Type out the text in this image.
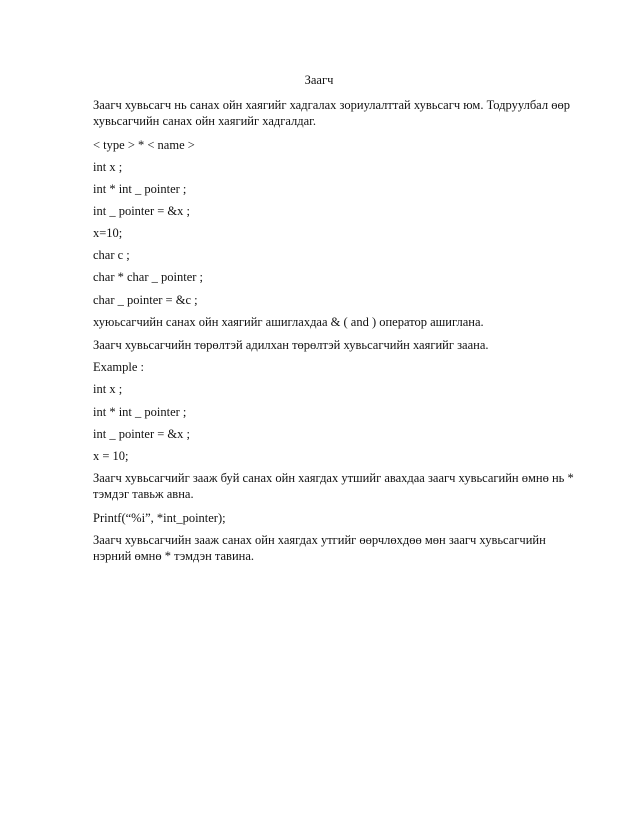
Заагч
Заагч хувьсагч нь санах ойн хаягийг хадгалах зориулалттай хувьсагч юм. Тодруулбал өөр
хувьсагчийн санах ойн хаягийг хадгалдаг.
< type > * < name >
int x ;
int * int _ pointer ;
int _ pointer = &x ;
x=10;
char c ;
char * char _ pointer ;
char _ pointer = &c ;
хуюьсагчийн санах ойн хаягийг ашиглахдаа & ( and ) оператор ашиглана.
Заагч хувьсагчийн төрөлтэй адилхан төрөлтэй хувьсагчийн хаягийг заана.
Example :
int x ;
int * int _ pointer ;
int _ pointer = &x ;
x = 10;
Заагч хувьсагчийг зааж буй санах ойн хаягдах утшийг авахдаа заагч хувьсагийн өмнө нь *
тэмдэг тавьж авна.
Printf(“%i”, *int_pointer);
Заагч хувьсагчийн зааж санах ойн хаягдах утгийг өөрчлөхдөө мөн заагч хувьсагчийн
нэрний өмнө * тэмдэн тавина.
